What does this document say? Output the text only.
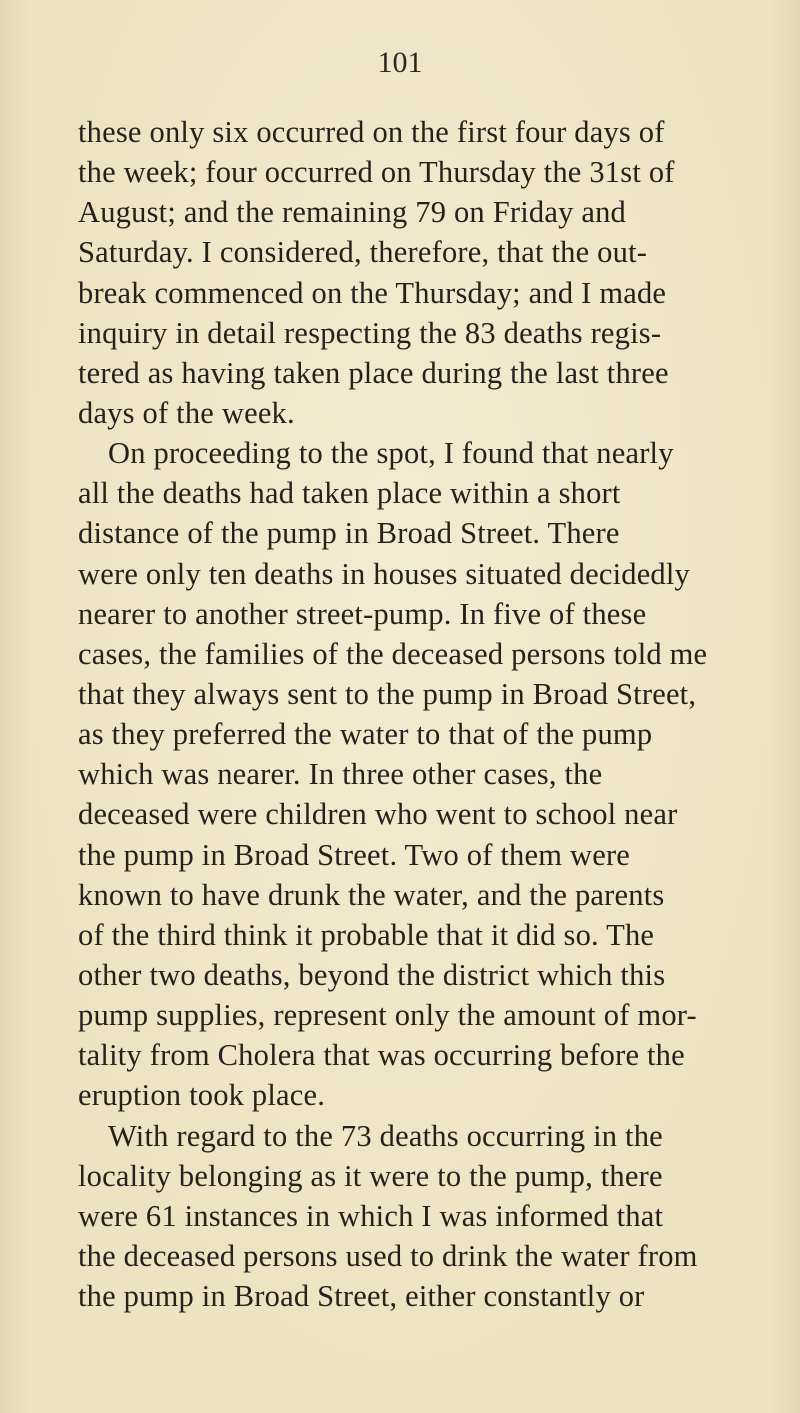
101
these only six occurred on the first four days of
the week; four occurred on Thursday the 31st of
August; and the remaining 79 on Friday and
Saturday. I considered, therefore, that the out-
break commenced on the Thursday; and I made
inquiry in detail respecting the 83 deaths regis-
tered as having taken place during the last three
days of the week.
On proceeding to the spot, I found that nearly
all the deaths had taken place within a short
distance of the pump in Broad Street. There
were only ten deaths in houses situated decidedly
nearer to another street-pump. In five of these
cases, the families of the deceased persons told me
that they always sent to the pump in Broad Street,
as they preferred the water to that of the pump
which was nearer. In three other cases, the
deceased were children who went to school near
the pump in Broad Street. Two of them were
known to have drunk the water, and the parents
of the third think it probable that it did so. The
other two deaths, beyond the district which this
pump supplies, represent only the amount of mor-
tality from Cholera that was occurring before the
eruption took place.
With regard to the 73 deaths occurring in the
locality belonging as it were to the pump, there
were 61 instances in which I was informed that
the deceased persons used to drink the water from
the pump in Broad Street, either constantly or
